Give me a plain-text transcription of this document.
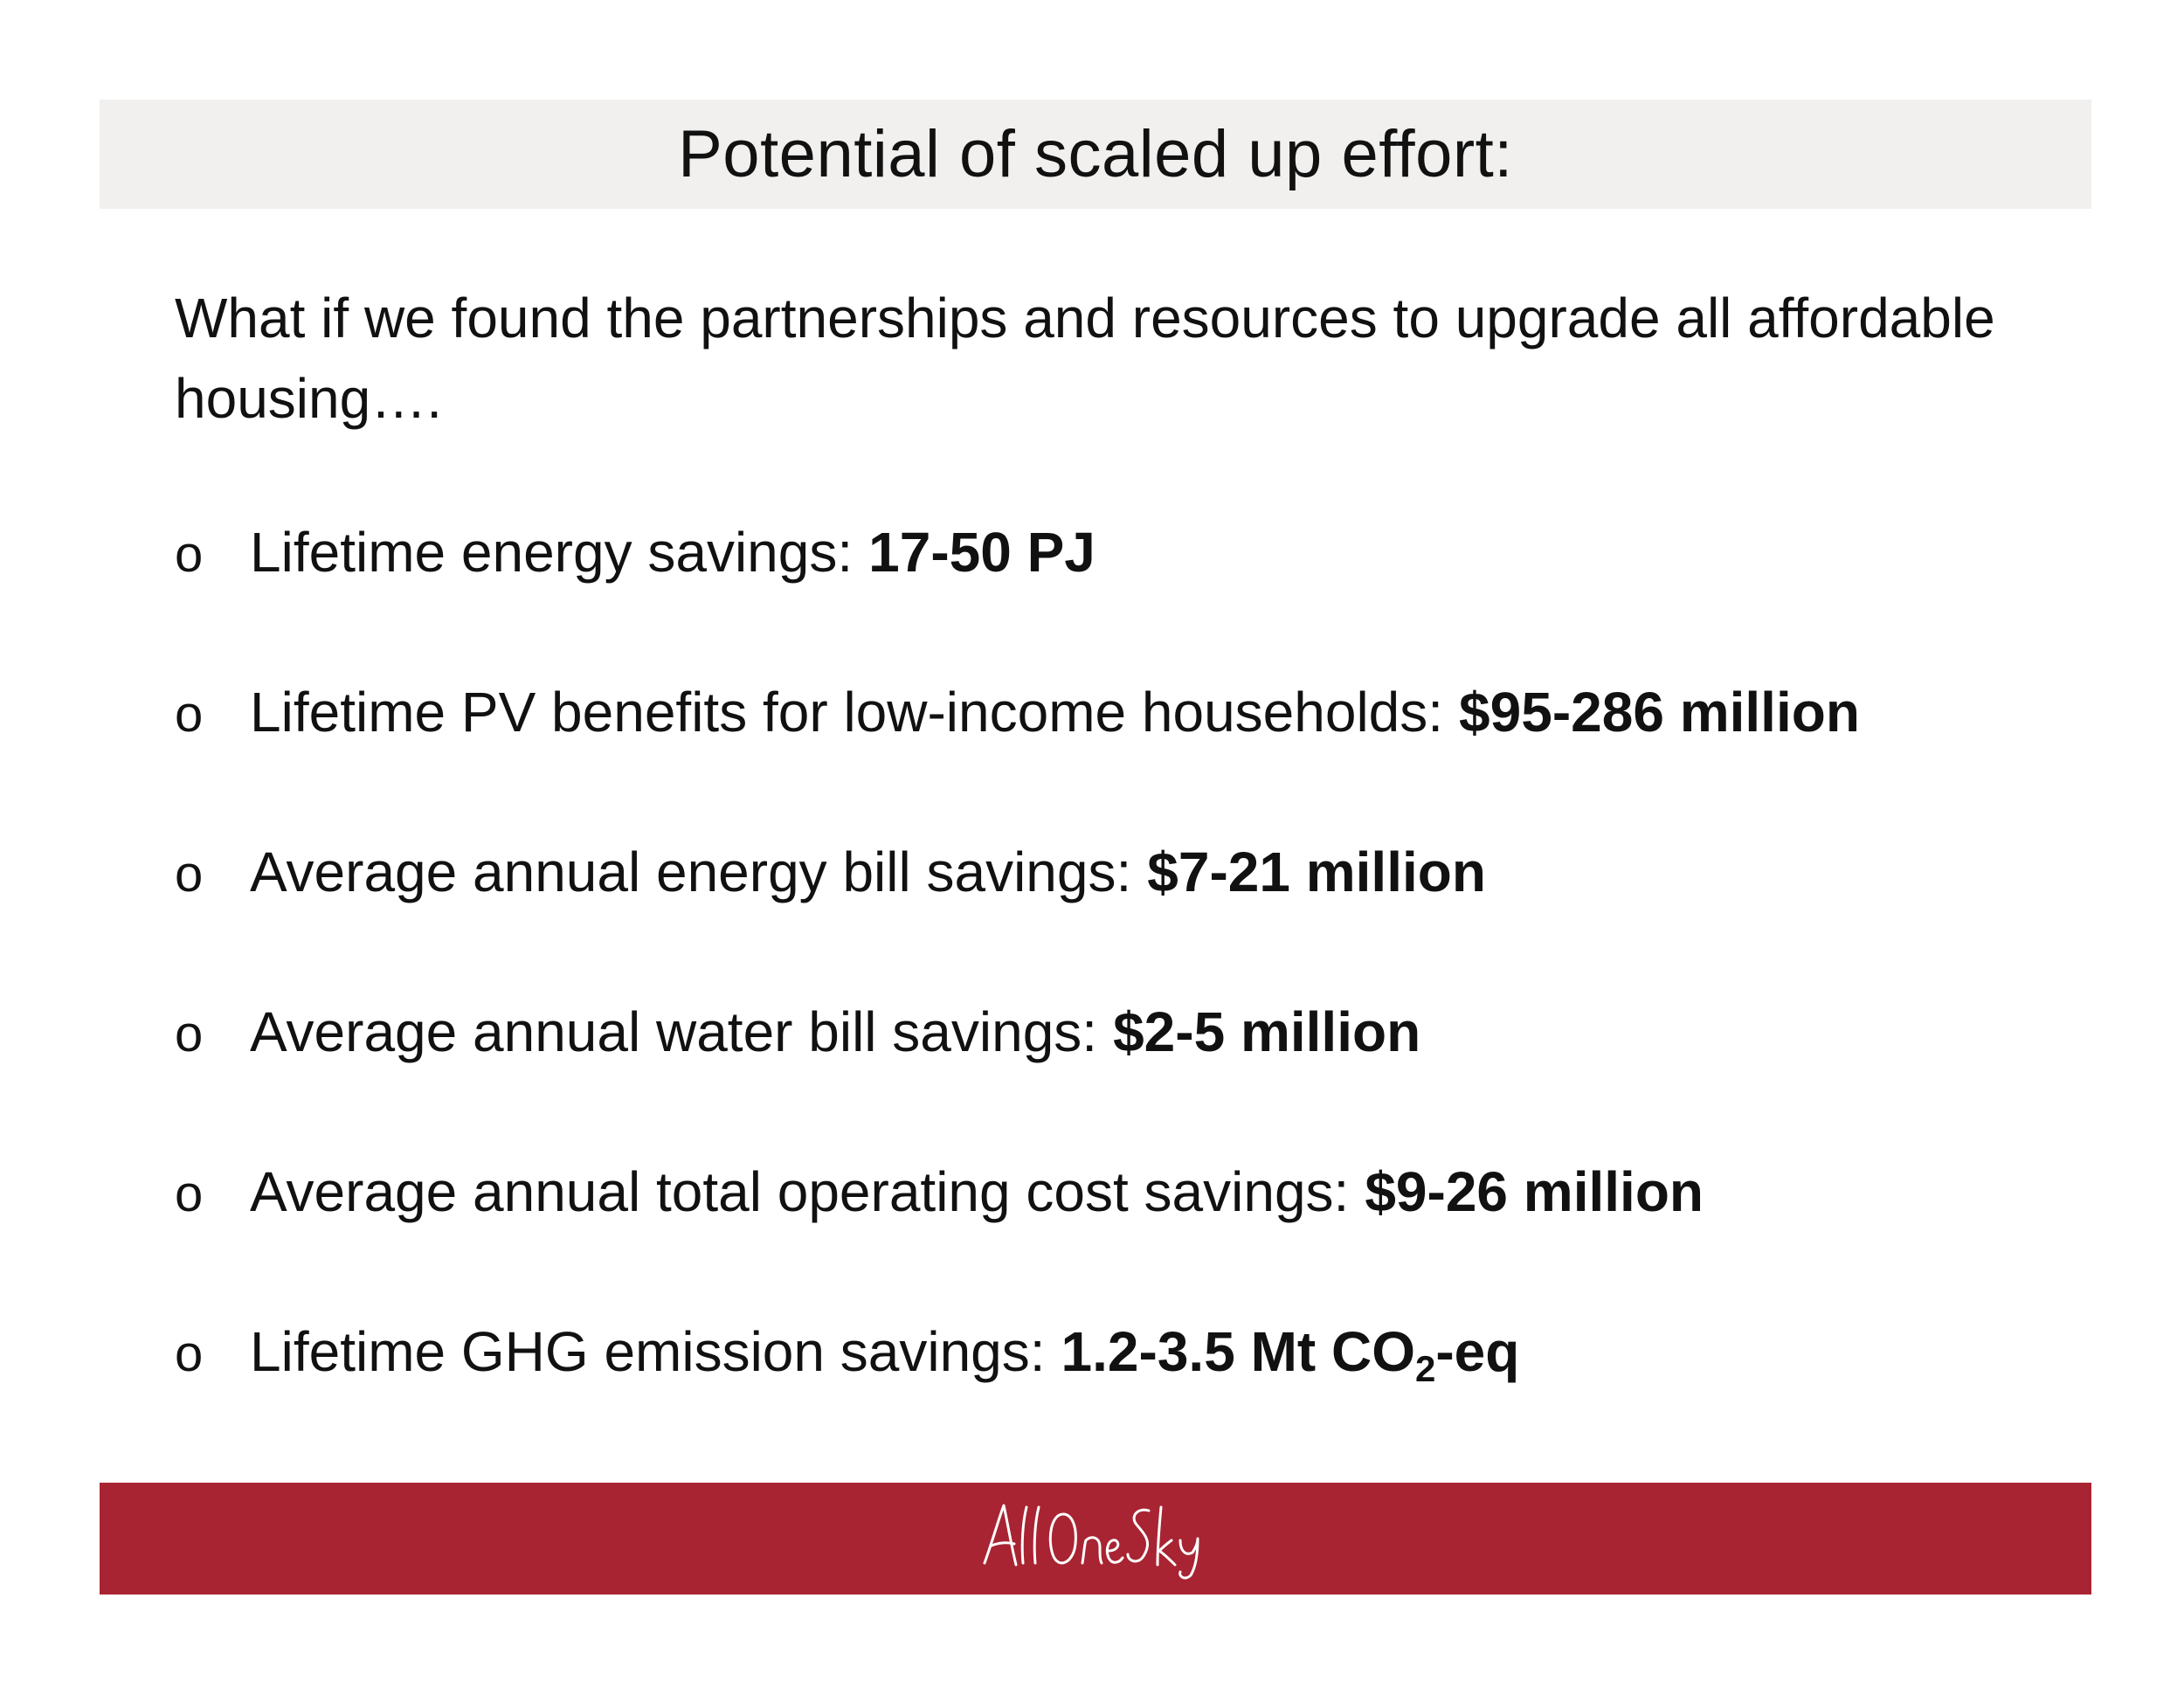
Potential of scaled up effort:
What if we found the partnerships and resources to upgrade all affordable housing….
o Lifetime energy savings: 17-50 PJ
o Lifetime PV benefits for low-income households: $95-286 million
o Average annual energy bill savings: $7-21 million
o Average annual water bill savings: $2-5 million
o Average annual total operating cost savings: $9-26 million
o Lifetime GHG emission savings: 1.2-3.5 Mt $CO_2-eq$
